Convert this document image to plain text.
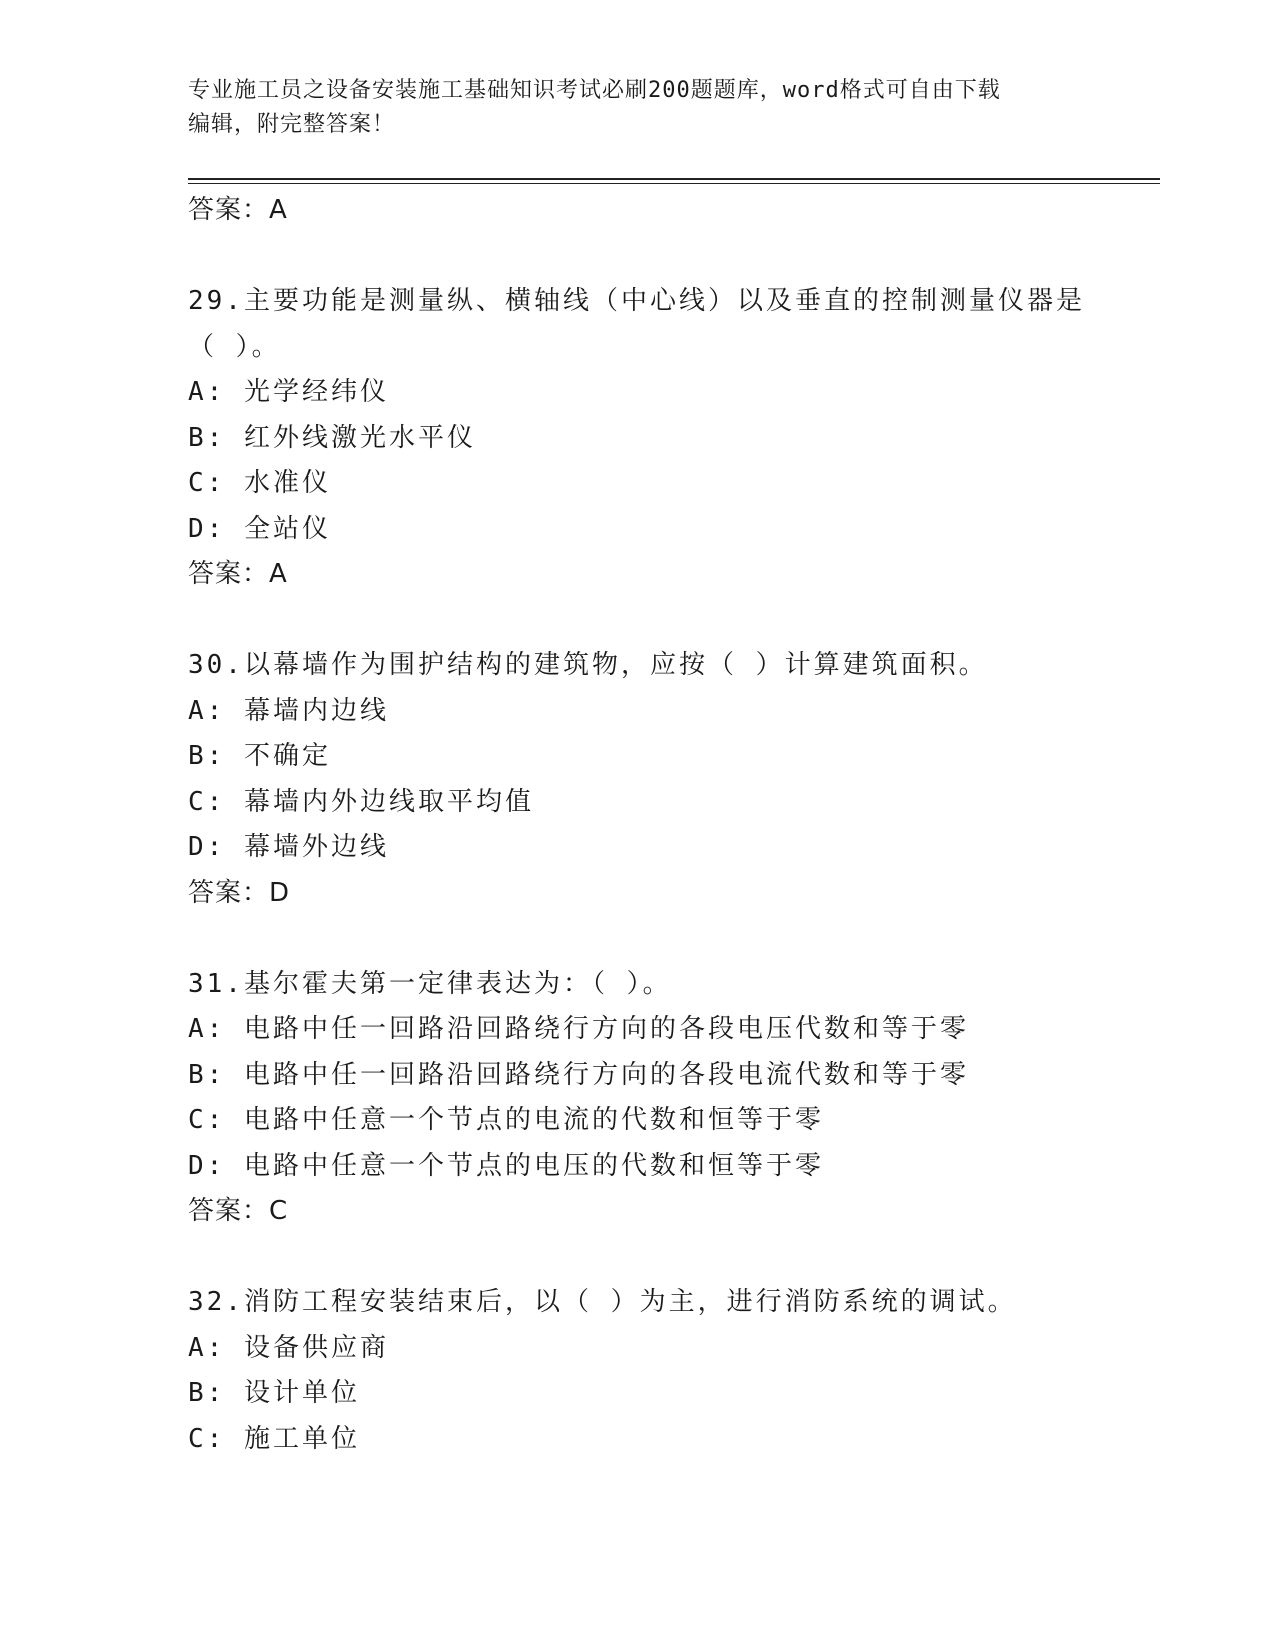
专业施工员之设备安装施工基础知识考试必刷200题题库，word格式可自由下载
编辑，附完整答案！
答案：A
29.主要功能是测量纵、横轴线（中心线）以及垂直的控制测量仪器是
（ ）。
A: 光学经纬仪
B: 红外线激光水平仪
C: 水准仪
D: 全站仪
答案：A
30.以幕墙作为围护结构的建筑物，应按（ ）计算建筑面积。
A: 幕墙内边线
B: 不确定
C: 幕墙内外边线取平均值
D: 幕墙外边线
答案：D
31.基尔霍夫第一定律表达为：（ ）。
A: 电路中任一回路沿回路绕行方向的各段电压代数和等于零
B: 电路中任一回路沿回路绕行方向的各段电流代数和等于零
C: 电路中任意一个节点的电流的代数和恒等于零
D: 电路中任意一个节点的电压的代数和恒等于零
答案：C
32.消防工程安装结束后，以（ ）为主，进行消防系统的调试。
A: 设备供应商
B: 设计单位
C: 施工单位
